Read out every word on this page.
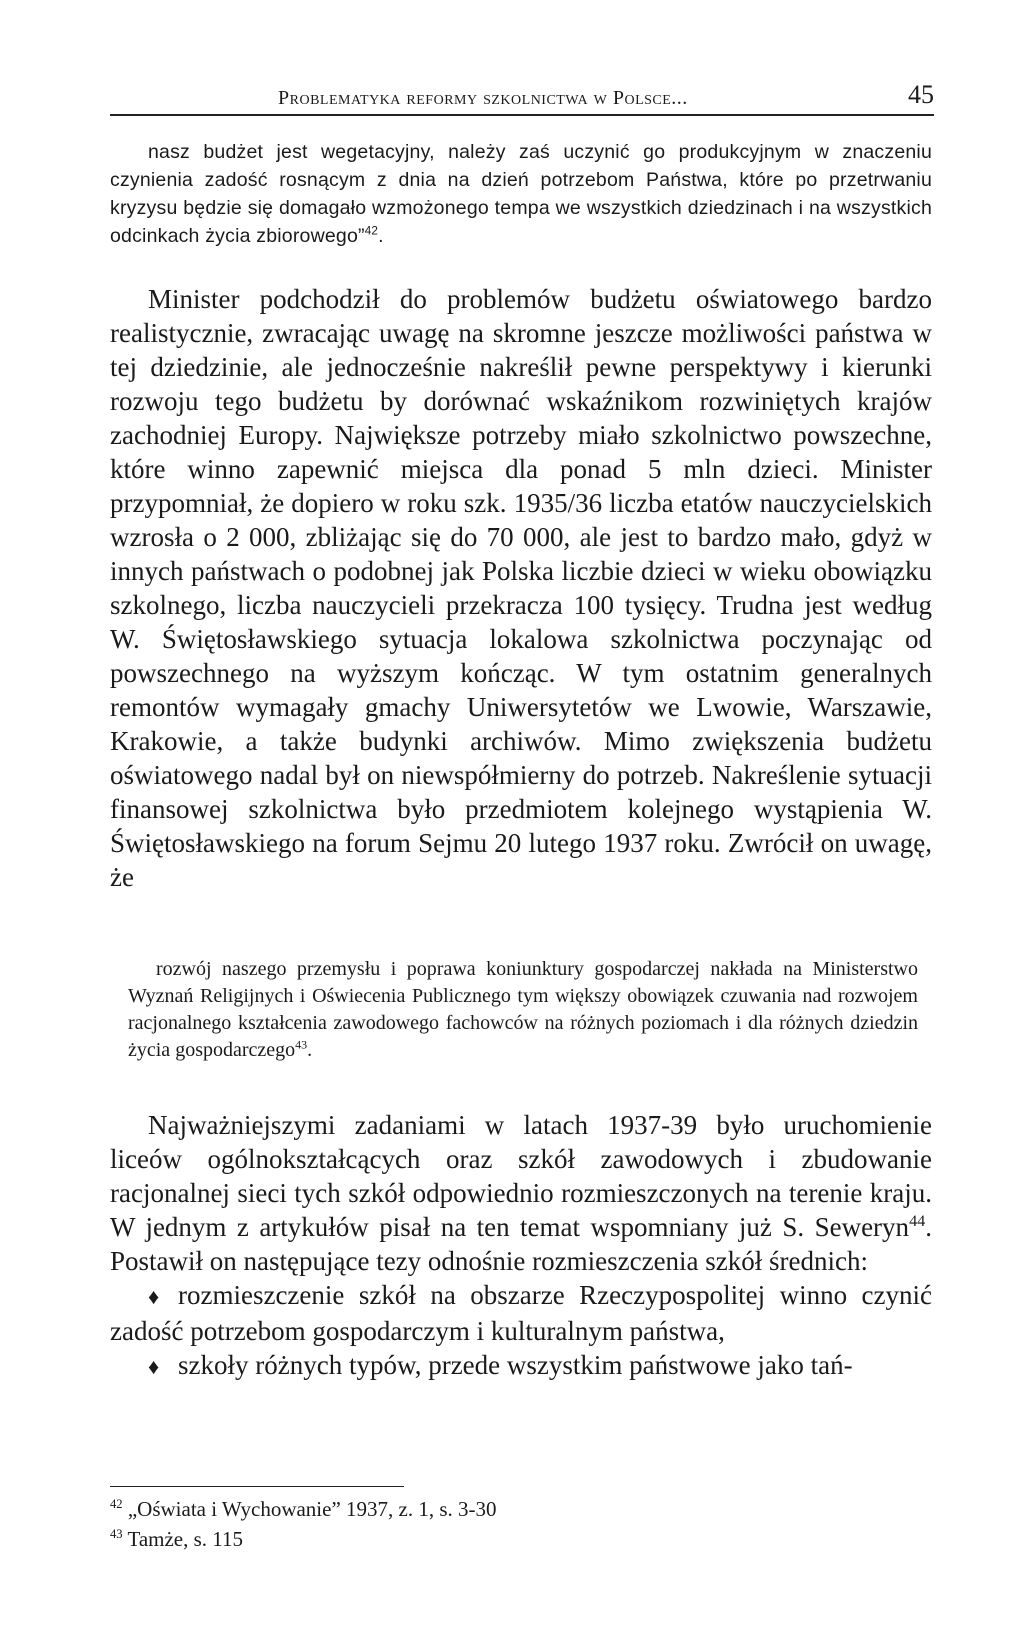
Problematyka reformy szkolnictwa w Polsce...	45

nasz budżet jest wegetacyjny, należy zaś uczynić go produkcyjnym w znaczeniu czynienia zadość rosnącym z dnia na dzień potrzebom Państwa, które po przetrwaniu kryzysu będzie się domagało wzmożonego tempa we wszystkich dziedzinach i na wszystkich odcinkach życia zbiorowego”$^{42}$.

Minister podchodził do problemów budżetu oświatowego bardzo realistycznie, zwracając uwagę na skromne jeszcze możliwości państwa w tej dziedzinie, ale jednocześnie nakreślił pewne perspektywy i kierunki rozwoju tego budżetu by dorównać wskaźnikom rozwiniętych krajów zachodniej Europy. Największe potrzeby miało szkolnictwo powszechne, które winno zapewnić miejsca dla ponad 5 mln dzieci. Minister przypomniał, że dopiero w roku szk. 1935/36 liczba etatów nauczycielskich wzrosła o 2 000, zbliżając się do 70 000, ale jest to bardzo mało, gdyż w innych państwach o podobnej jak Polska liczbie dzieci w wieku obowiązku szkolnego, liczba nauczycieli przekracza 100 tysięcy. Trudna jest według W. Świętosławskiego sytuacja lokalowa szkolnictwa poczynając od powszechnego na wyższym kończąc. W tym ostatnim generalnych remontów wymagały gmachy Uniwersytetów we Lwowie, Warszawie, Krakowie, a także budynki archiwów. Mimo zwiększenia budżetu oświatowego nadal był on niewspółmierny do potrzeb. Nakreślenie sytuacji finansowej szkolnictwa było przedmiotem kolejnego wystąpienia W. Świętosławskiego na forum Sejmu 20 lutego 1937 roku. Zwrócił on uwagę, że

rozwój naszego przemysłu i poprawa koniunktury gospodarczej nakłada na Ministerstwo Wyznań Religijnych i Oświecenia Publicznego tym większy obowiązek czuwania nad rozwojem racjonalnego kształcenia zawodowego fachowców na różnych poziomach i dla różnych dziedzin życia gospodarczego$^{43}$.

Najważniejszymi zadaniami w latach 1937-39 było uruchomienie liceów ogólnokształcących oraz szkół zawodowych i zbudowanie racjonalnej sieci tych szkół odpowiednio rozmieszczonych na terenie kraju. W jednym z artykułów pisał na ten temat wspomniany już S. Seweryn$^{44}$. Postawił on następujące tezy odnośnie rozmieszczenia szkół średnich:

♦ rozmieszczenie szkół na obszarze Rzeczypospolitej winno czynić zadość potrzebom gospodarczym i kulturalnym państwa,

♦ szkoły różnych typów, przede wszystkim państwowe jako tań-

$^{42}$ „Oświata i Wychowanie” 1937, z. 1, s. 3-30

$^{43}$ Tamże, s. 115
